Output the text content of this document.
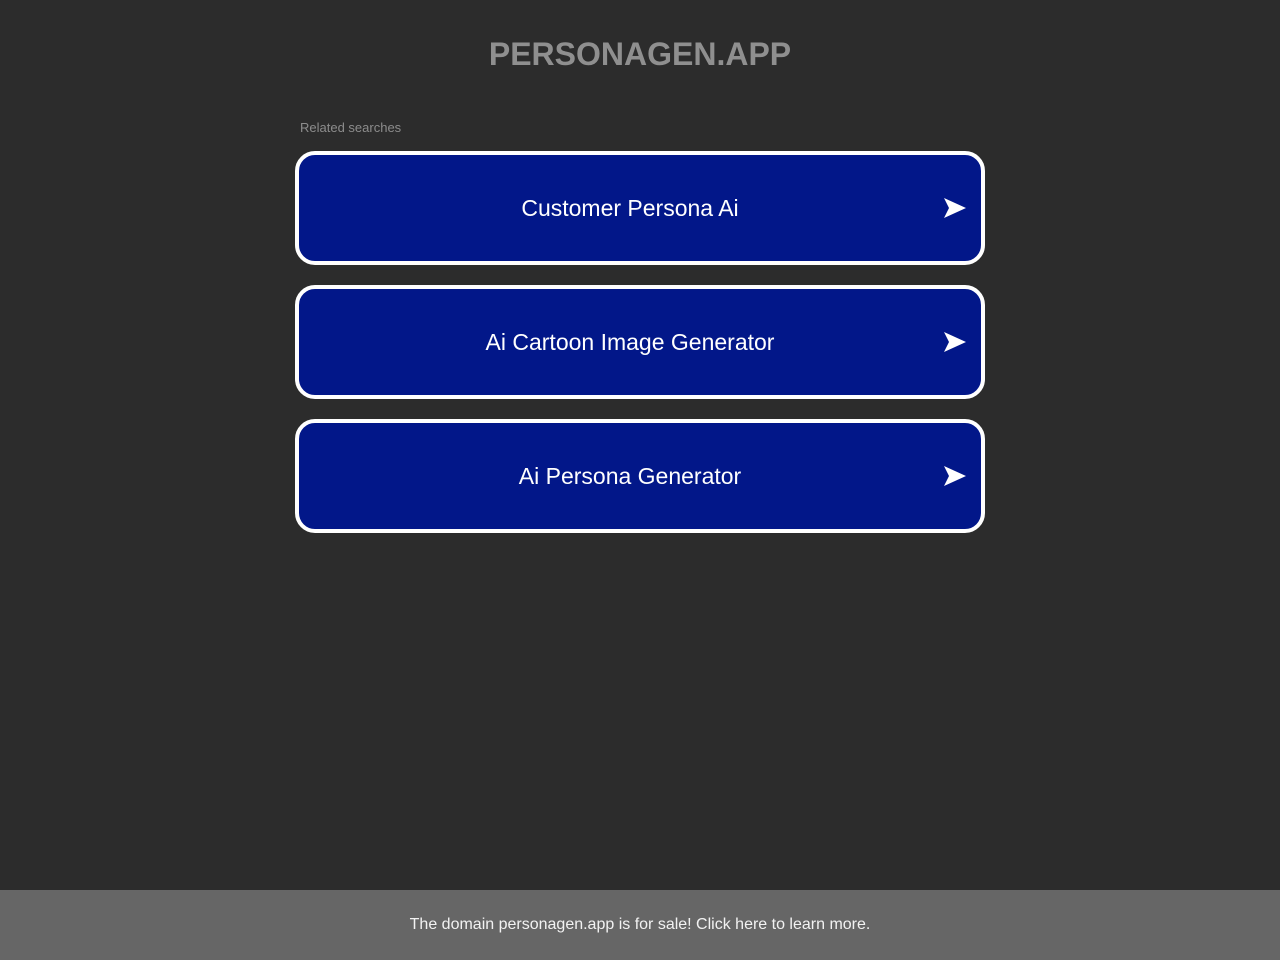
PERSONAGEN.APP
Related searches
Customer Persona Ai
Ai Cartoon Image Generator
Ai Persona Generator
The domain personagen.app is for sale! Click here to learn more.
